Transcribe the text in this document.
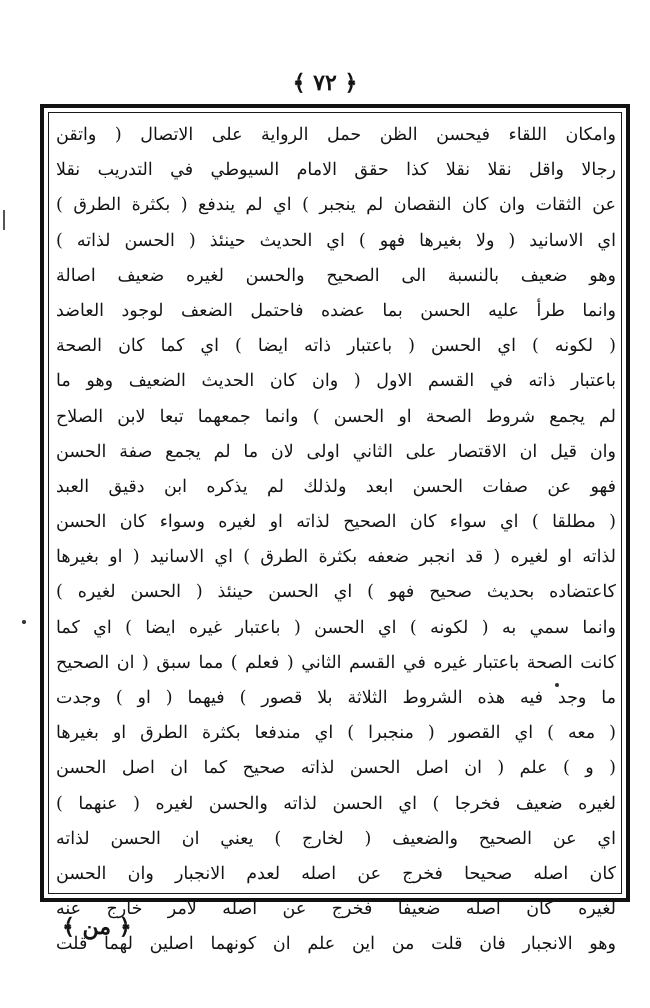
﴿ ٧٢ ﴾
وامكان اللقاء فيحسن الظن حمل الرواية على الاتصال ( واتقن
رجالا واقل نقلا نقلا كذا حقق الامام السيوطي في التدريب نقلا
عن الثقات وان كان النقصان لم ينجبر ) اي لم يندفع ( بكثرة الطرق )
اي الاسانيد ( ولا بغيرها فهو ) اي الحديث حينئذ ( الحسن لذاته )
وهو ضعيف بالنسبة الى الصحيح والحسن لغيره ضعيف اصالة
وانما طرأ عليه الحسن بما عضده فاحتمل الضعف لوجود العاضد
( لكونه ) اي الحسن ( باعتبار ذاته ايضا ) اي كما كان الصحة
باعتبار ذاته في القسم الاول ( وان كان الحديث الضعيف وهو ما
لم يجمع شروط الصحة او الحسن ) وانما جمعهما تبعا لابن الصلاح
وان قيل ان الاقتصار على الثاني اولى لان ما لم يجمع صفة الحسن
فهو عن صفات الحسن ابعد ولذلك لم يذكره ابن دقيق العبد
( مطلقا ) اي سواء كان الصحيح لذاته او لغيره وسواء كان الحسن
لذاته او لغيره ( قد انجبر ضعفه بكثرة الطرق ) اي الاسانيد ( او بغيرها
كاعتضاده بحديث صحيح فهو ) اي الحسن حينئذ ( الحسن لغيره )
وانما سمي به ( لكونه ) اي الحسن ( باعتبار غيره ايضا ) اي كما
كانت الصحة باعتبار غيره في القسم الثاني ( فعلم ) مما سبق ( ان الصحيح
ما وجد فيه هذه الشروط الثلاثة بلا قصور ) فيهما ( او ) وجدت
( معه ) اي القصور ( منجبرا ) اي مندفعا بكثرة الطرق او بغيرها
( و ) علم ( ان اصل الحسن لذاته صحيح كما ان اصل الحسن
لغيره ضعيف فخرجا ) اي الحسن لذاته والحسن لغيره ( عنهما )
اي عن الصحيح والضعيف ( لخارج ) يعني ان الحسن لذاته
كان اصله صحيحا فخرج عن اصله لعدم الانجبار وان الحسن
لغيره كان اصله ضعيفا فخرج عن اصله لامر خارج عنه
وهو الانجبار فان قلت من اين علم ان كونهما اصلين لهما قلت
﴿ من ﴾
